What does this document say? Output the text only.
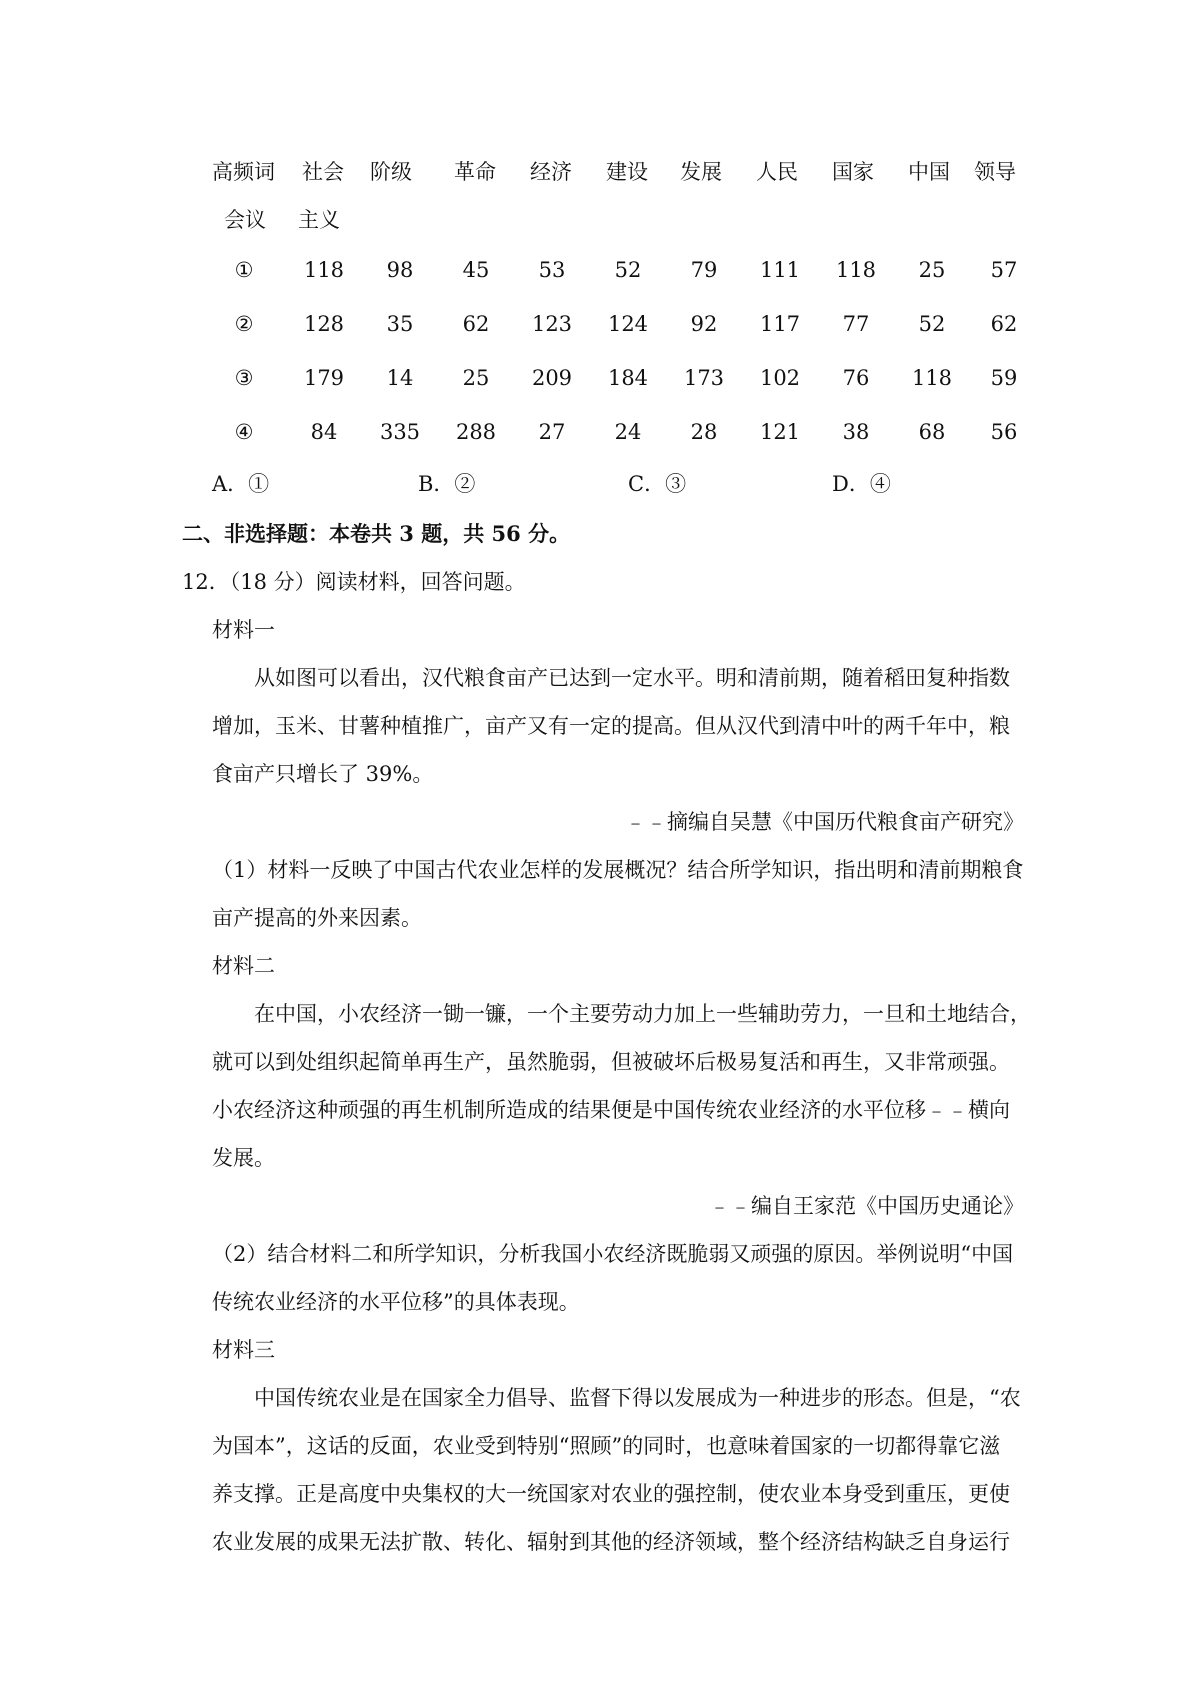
高频词 社会 阶级 革命 经济 建设 发展 人民 国家 中国 领导
会议 主义
①	118	98	45	53	52	79	111	118	25	57
②	128	35	62	123	124	92	117	77	52	62
③	179	14	25	209	184	173	102	76	118	59
④	84	335	288	27	24	28	121	38	68	56
A．①	B．②	C．③	D．④
二、非选择题：本卷共 3 题，共 56 分。
12．（18 分）阅读材料，回答问题。
材料一
从如图可以看出，汉代粮食亩产已达到一定水平。明和清前期，随着稻田复种指数
增加，玉米、甘薯种植推广，亩产又有一定的提高。但从汉代到清中叶的两千年中，粮
食亩产只增长了 39%。
﹣﹣摘编自吴慧《中国历代粮食亩产研究》
（1）材料一反映了中国古代农业怎样的发展概况？结合所学知识，指出明和清前期粮食
亩产提高的外来因素。
材料二
在中国，小农经济一锄一镰，一个主要劳动力加上一些辅助劳力，一旦和土地结合，
就可以到处组织起简单再生产，虽然脆弱，但被破坏后极易复活和再生，又非常顽强。
小农经济这种顽强的再生机制所造成的结果便是中国传统农业经济的水平位移﹣﹣横向
发展。
﹣﹣编自王家范《中国历史通论》
（2）结合材料二和所学知识，分析我国小农经济既脆弱又顽强的原因。举例说明“中国
传统农业经济的水平位移”的具体表现。
材料三
中国传统农业是在国家全力倡导、监督下得以发展成为一种进步的形态。但是，“农
为国本”，这话的反面，农业受到特别“照顾”的同时，也意味着国家的一切都得靠它滋
养支撑。正是高度中央集权的大一统国家对农业的强控制，使农业本身受到重压，更使
农业发展的成果无法扩散、转化、辐射到其他的经济领域，整个经济结构缺乏自身运行
